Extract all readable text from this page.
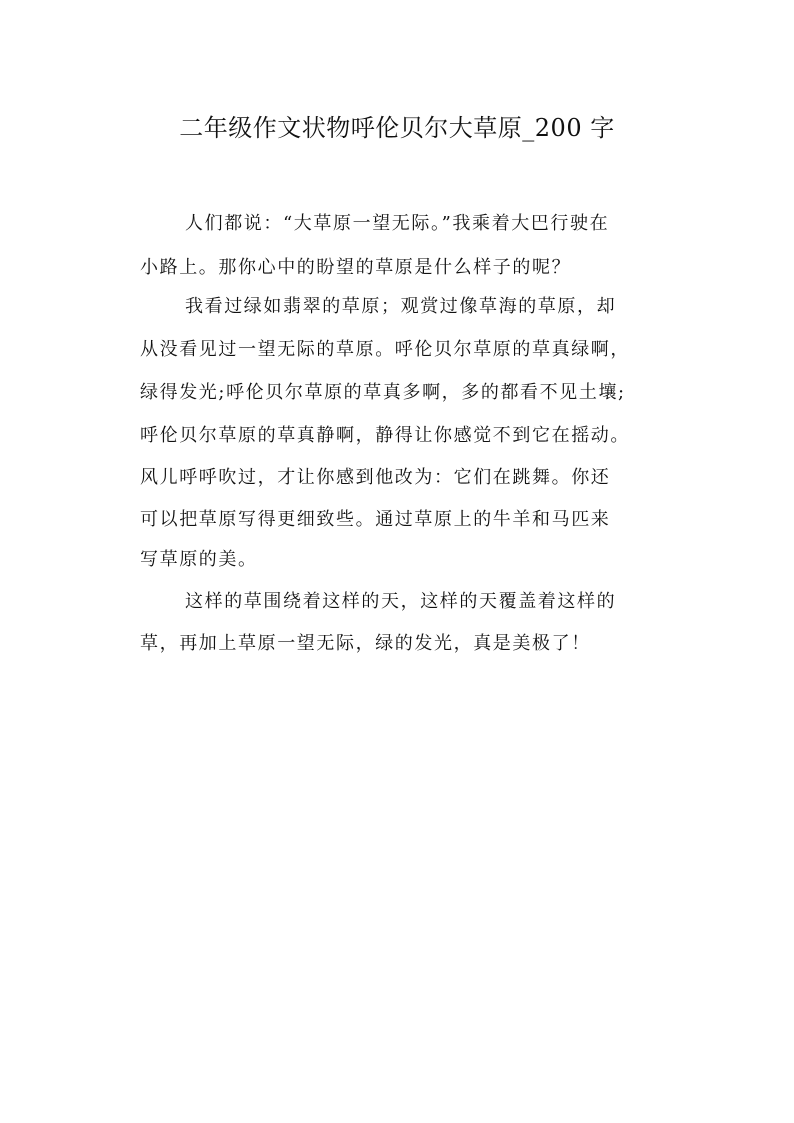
二年级作文状物呼伦贝尔大草原_200 字
人们都说：“大草原一望无际。”我乘着大巴行驶在
小路上。那你心中的盼望的草原是什么样子的呢？
我看过绿如翡翠的草原；观赏过像草海的草原，却
从没看见过一望无际的草原。呼伦贝尔草原的草真绿啊，
绿得发光;呼伦贝尔草原的草真多啊，多的都看不见土壤;
呼伦贝尔草原的草真静啊，静得让你感觉不到它在摇动。
风儿呼呼吹过，才让你感到他改为：它们在跳舞。你还
可以把草原写得更细致些。通过草原上的牛羊和马匹来
写草原的美。
这样的草围绕着这样的天，这样的天覆盖着这样的
草，再加上草原一望无际，绿的发光，真是美极了！
